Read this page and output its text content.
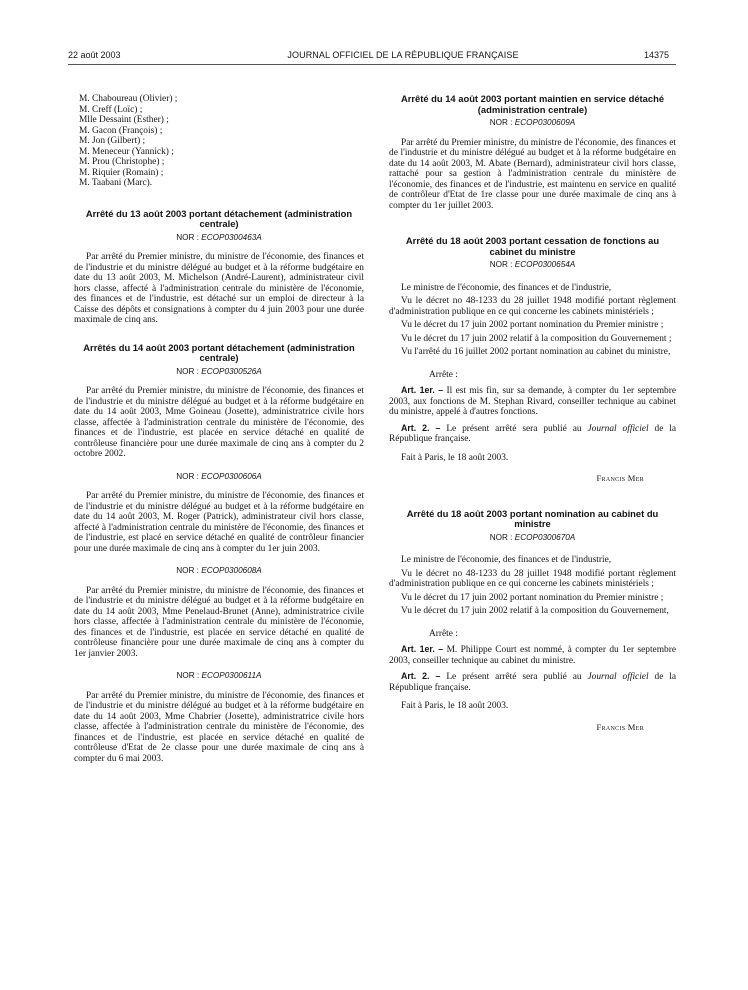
22 août 2003	JOURNAL OFFICIEL DE LA RÉPUBLIQUE FRANÇAISE	14375
M. Chaboureau (Olivier) ;
M. Creff (Loïc) ;
Mlle Dessaint (Esther) ;
M. Gacon (François) ;
M. Jon (Gilbert) ;
M. Meneceur (Yannick) ;
M. Prou (Christophe) ;
M. Riquier (Romain) ;
M. Taabani (Marc).
Arrêté du 13 août 2003 portant détachement (administration centrale)
NOR : ECOP0300463A

Par arrêté du Premier ministre, du ministre de l'économie, des finances et de l'industrie et du ministre délégué au budget et à la réforme budgétaire en date du 13 août 2003, M. Michelson (André-Laurent), administrateur civil hors classe, affecté à l'administration centrale du ministère de l'économie, des finances et de l'industrie, est détaché sur un emploi de directeur à la Caisse des dépôts et consignations à compter du 4 juin 2003 pour une durée maximale de cinq ans.

Arrêtés du 14 août 2003 portant détachement (administration centrale)
NOR : ECOP0300526A

Par arrêté du Premier ministre, du ministre de l'économie, des finances et de l'industrie et du ministre délégué au budget et à la réforme budgétaire en date du 14 août 2003, Mme Goineau (Josette), administratrice civile hors classe, affectée à l'administration centrale du ministère de l'économie, des finances et de l'industrie, est placée en service détaché en qualité de contrôleuse financière pour une durée maximale de cinq ans à compter du 2 octobre 2002.

NOR : ECOP0300606A

Par arrêté du Premier ministre, du ministre de l'économie, des finances et de l'industrie et du ministre délégué au budget et à la réforme budgétaire en date du 14 août 2003, M. Roger (Patrick), administrateur civil hors classe, affecté à l'administration centrale du ministère de l'économie, des finances et de l'industrie, est placé en service détaché en qualité de contrôleur financier pour une durée maximale de cinq ans à compter du 1er juin 2003.

NOR : ECOP0300608A

Par arrêté du Premier ministre, du ministre de l'économie, des finances et de l'industrie et du ministre délégué au budget et à la réforme budgétaire en date du 14 août 2003, Mme Penelaud-Brunet (Anne), administratrice civile hors classe, affectée à l'administration centrale du ministère de l'économie, des finances et de l'industrie, est placée en service détaché en qualité de contrôleuse financière pour une durée maximale de cinq ans à compter du 1er janvier 2003.

NOR : ECOP0300611A

Par arrêté du Premier ministre, du ministre de l'économie, des finances et de l'industrie et du ministre délégué au budget et à la réforme budgétaire en date du 14 août 2003, Mme Chabrier (Josette), administratrice civile hors classe, affectée à l'administration centrale du ministère de l'économie, des finances et de l'industrie, est placée en service détaché en qualité de contrôleuse d'Etat de 2e classe pour une durée maximale de cinq ans à compter du 6 mai 2003.

Arrêté du 14 août 2003 portant maintien en service détaché (administration centrale)
NOR : ECOP0300609A

Par arrêté du Premier ministre, du ministre de l'économie, des finances et de l'industrie et du ministre délégué au budget et à la réforme budgétaire en date du 14 août 2003, M. Abate (Bernard), administrateur civil hors classe, rattaché pour sa gestion à l'administration centrale du ministère de l'économie, des finances et de l'industrie, est maintenu en service en qualité de contrôleur d'Etat de 1re classe pour une durée maximale de cinq ans à compter du 1er juillet 2003.

Arrêté du 18 août 2003 portant cessation de fonctions au cabinet du ministre
NOR : ECOP0300654A

Le ministre de l'économie, des finances et de l'industrie,

Vu le décret no 48-1233 du 28 juillet 1948 modifié portant règlement d'administration publique en ce qui concerne les cabinets ministériels ;

Vu le décret du 17 juin 2002 portant nomination du Premier ministre ;

Vu le décret du 17 juin 2002 relatif à la composition du Gouvernement ;

Vu l'arrêté du 16 juillet 2002 portant nomination au cabinet du ministre,

Arrête :

Art. 1er. – Il est mis fin, sur sa demande, à compter du 1er septembre 2003, aux fonctions de M. Stephan Rivard, conseiller technique au cabinet du ministre, appelé à d'autres fonctions.

Art. 2. – Le présent arrêté sera publié au Journal officiel de la République française.

Fait à Paris, le 18 août 2003.

Francis Mer

Arrêté du 18 août 2003 portant nomination au cabinet du ministre
NOR : ECOP0300670A

Le ministre de l'économie, des finances et de l'industrie,

Vu le décret no 48-1233 du 28 juillet 1948 modifié portant règlement d'administration publique en ce qui concerne les cabinets ministériels ;

Vu le décret du 17 juin 2002 portant nomination du Premier ministre ;

Vu le décret du 17 juin 2002 relatif à la composition du Gouvernement,

Arrête :

Art. 1er. – M. Philippe Court est nommé, à compter du 1er septembre 2003, conseiller technique au cabinet du ministre.

Art. 2. – Le présent arrêté sera publié au Journal officiel de la République française.

Fait à Paris, le 18 août 2003.

Francis Mer
